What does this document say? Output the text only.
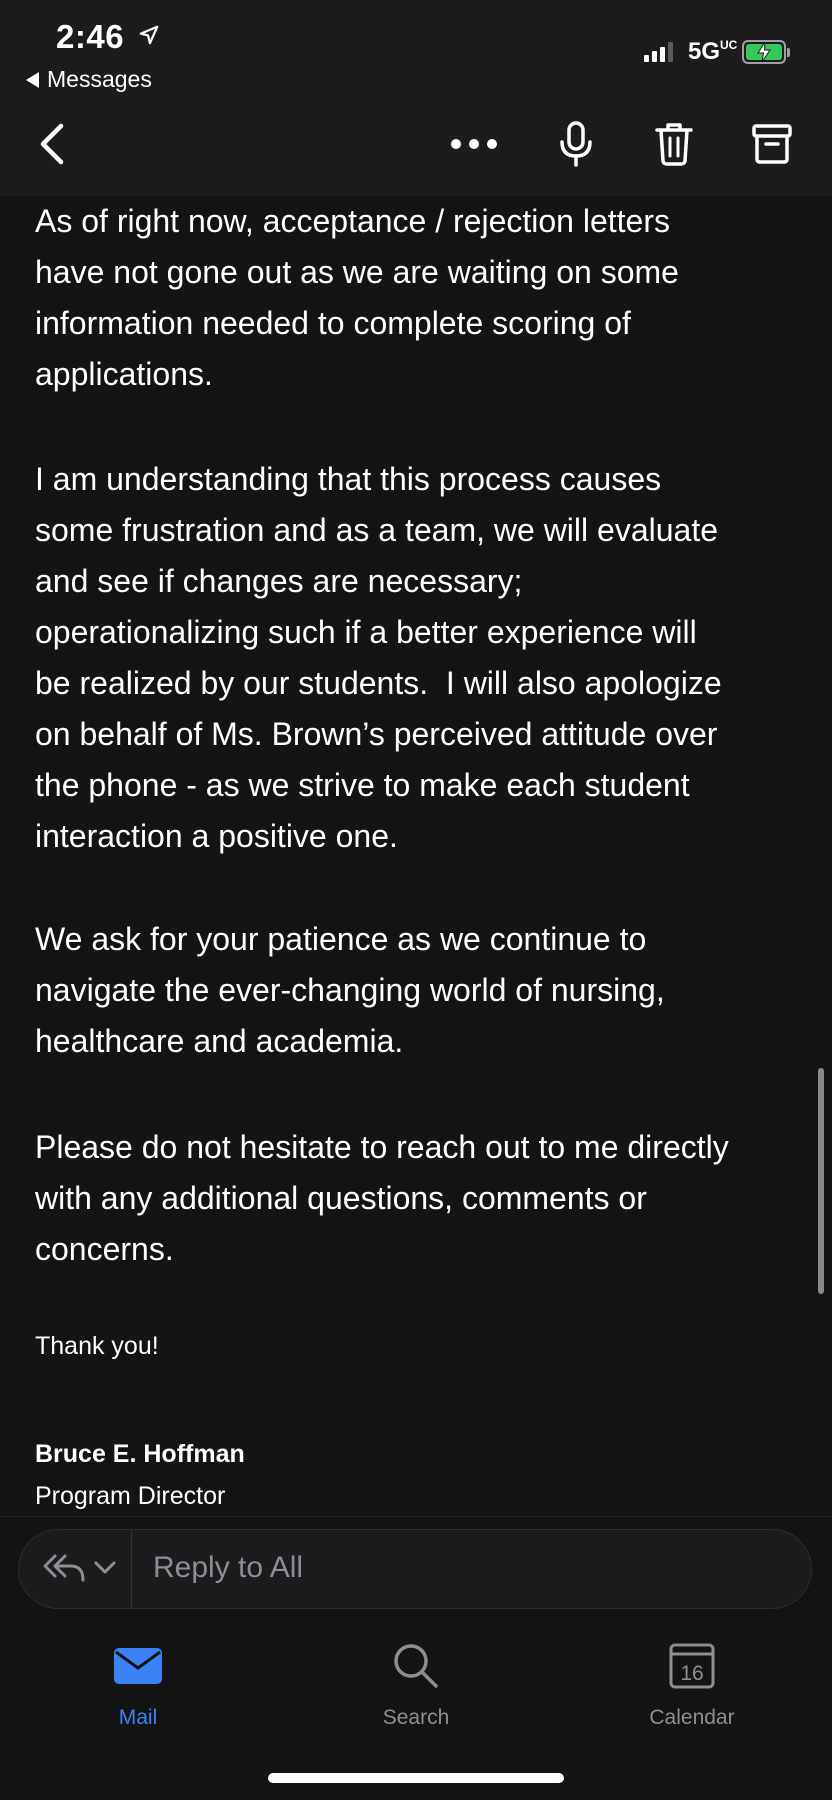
2:46
Messages
5GUC

As of right now, acceptance / rejection letters
have not gone out as we are waiting on some
information needed to complete scoring of
applications.

I am understanding that this process causes
some frustration and as a team, we will evaluate
and see if changes are necessary;
operationalizing such if a better experience will
be realized by our students.  I will also apologize
on behalf of Ms. Brown’s perceived attitude over
the phone - as we strive to make each student
interaction a positive one.

We ask for your patience as we continue to
navigate the ever-changing world of nursing,
healthcare and academia.

Please do not hesitate to reach out to me directly
with any additional questions, comments or
concerns.

Thank you!
Bruce E. Hoffman
Program Director
Reply to All
Mail	Search
16
Calendar
